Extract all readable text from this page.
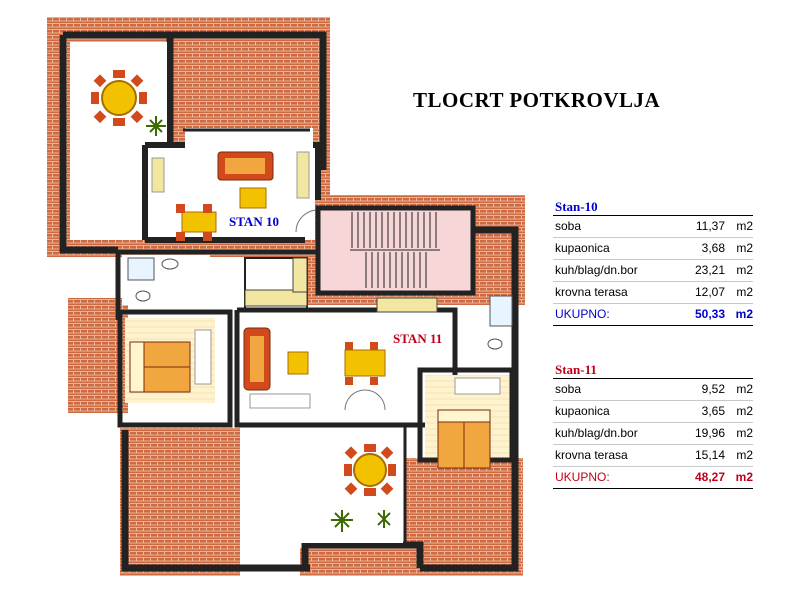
TLOCRT POTKROVLJA
STAN 10
STAN 11
Stan-10
soba	11,37 m2
kupaonica	3,68 m2
kuh/blag/dn.bor	23,21 m2
krovna terasa	12,07 m2
UKUPNO:	50,33 m2
Stan-11
soba	9,52 m2
kupaonica	3,65 m2
kuh/blag/dn.bor	19,96 m2
krovna terasa	15,14 m2
UKUPNO:	48,27 m2
